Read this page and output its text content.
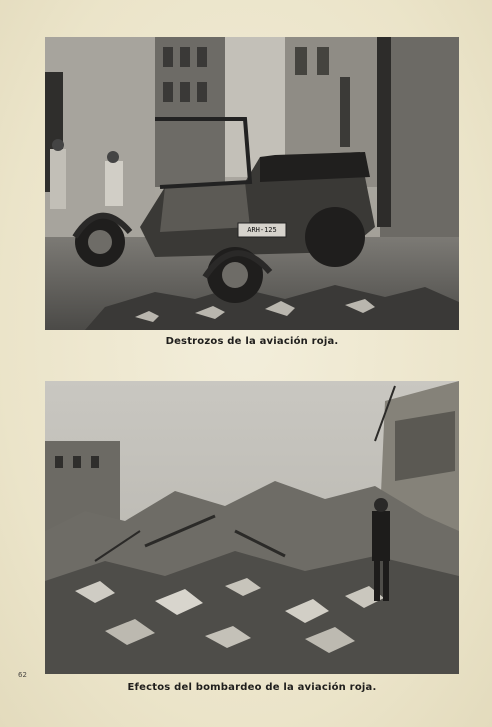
ARH-125
Destrozos de la aviación roja.
Efectos del bombardeo de la aviación roja.
62
